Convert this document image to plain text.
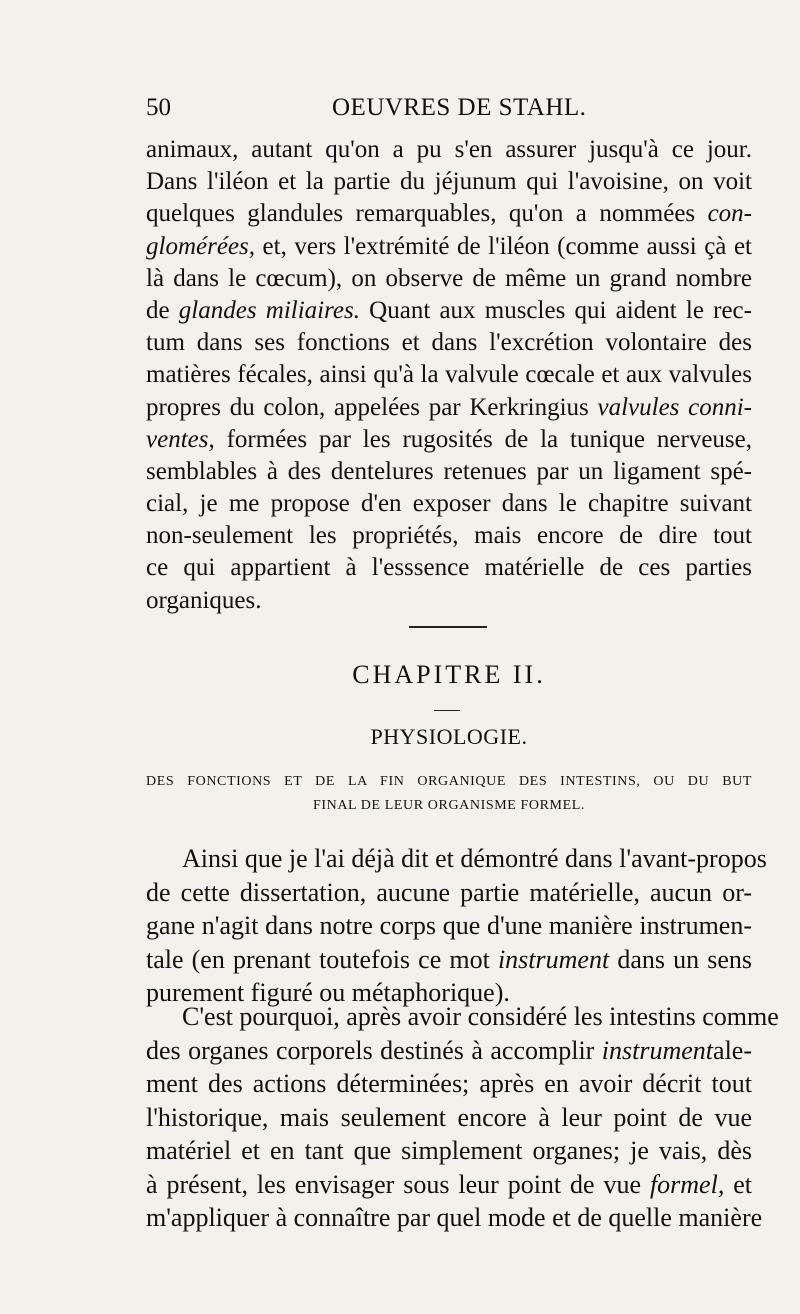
50	OEUVRES DE STAHL.
animaux, autant qu'on a pu s'en assurer jusqu'à ce jour.
Dans l'iléon et la partie du jéjunum qui l'avoisine, on voit
quelques glandules remarquables, qu'on a nommées con-
glomérées, et, vers l'extrémité de l'iléon (comme aussi çà et
là dans le cœcum), on observe de même un grand nombre
de glandes miliaires. Quant aux muscles qui aident le rec-
tum dans ses fonctions et dans l'excrétion volontaire des
matières fécales, ainsi qu'à la valvule cœcale et aux valvules
propres du colon, appelées par Kerkringius valvules conni-
ventes, formées par les rugosités de la tunique nerveuse,
semblables à des dentelures retenues par un ligament spé-
cial, je me propose d'en exposer dans le chapitre suivant
non-seulement les propriétés, mais encore de dire tout
ce qui appartient à l'esssence matérielle de ces parties
organiques.
CHAPITRE II.
PHYSIOLOGIE.
DES FONCTIONS ET DE LA FIN ORGANIQUE DES INTESTINS, OU DU BUT
FINAL DE LEUR ORGANISME FORMEL.
Ainsi que je l'ai déjà dit et démontré dans l'avant-propos
de cette dissertation, aucune partie matérielle, aucun or-
gane n'agit dans notre corps que d'une manière instrumen-
tale (en prenant toutefois ce mot instrument dans un sens
purement figuré ou métaphorique).
C'est pourquoi, après avoir considéré les intestins comme
des organes corporels destinés à accomplir instrumentale-
ment des actions déterminées; après en avoir décrit tout
l'historique, mais seulement encore à leur point de vue
matériel et en tant que simplement organes; je vais, dès
à présent, les envisager sous leur point de vue formel, et
m'appliquer à connaître par quel mode et de quelle manière
